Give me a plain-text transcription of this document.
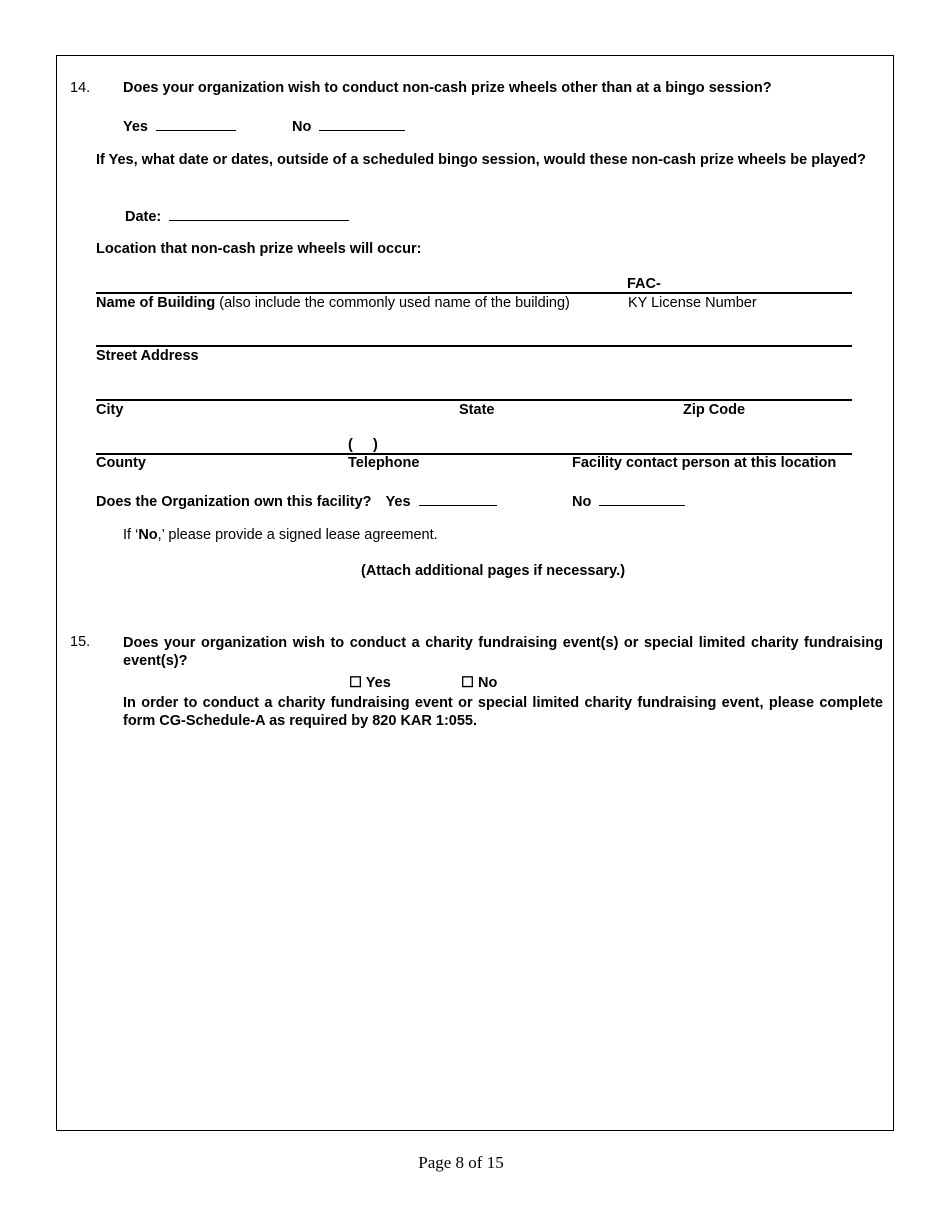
14. Does your organization wish to conduct non-cash prize wheels other than at a bingo session?
Yes	No
If Yes, what date or dates, outside of a scheduled bingo session, would these non-cash prize wheels be played?
Date:
Location that non-cash prize wheels will occur:
FAC-
Name of Building (also include the commonly used name of the building)	KY License Number
Street Address
City	State	Zip Code
(     )
County	Telephone	Facility contact person at this location
Does the Organization own this facility? Yes	No
If ‘No,’ please provide a signed lease agreement.
(Attach additional pages if necessary.)
15. Does your organization wish to conduct a charity fundraising event(s) or special limited charity fundraising event(s)?
☐ Yes	☐ No
In order to conduct a charity fundraising event or special limited charity fundraising event, please complete form CG-Schedule-A as required by 820 KAR 1:055.
Page 8 of 15
